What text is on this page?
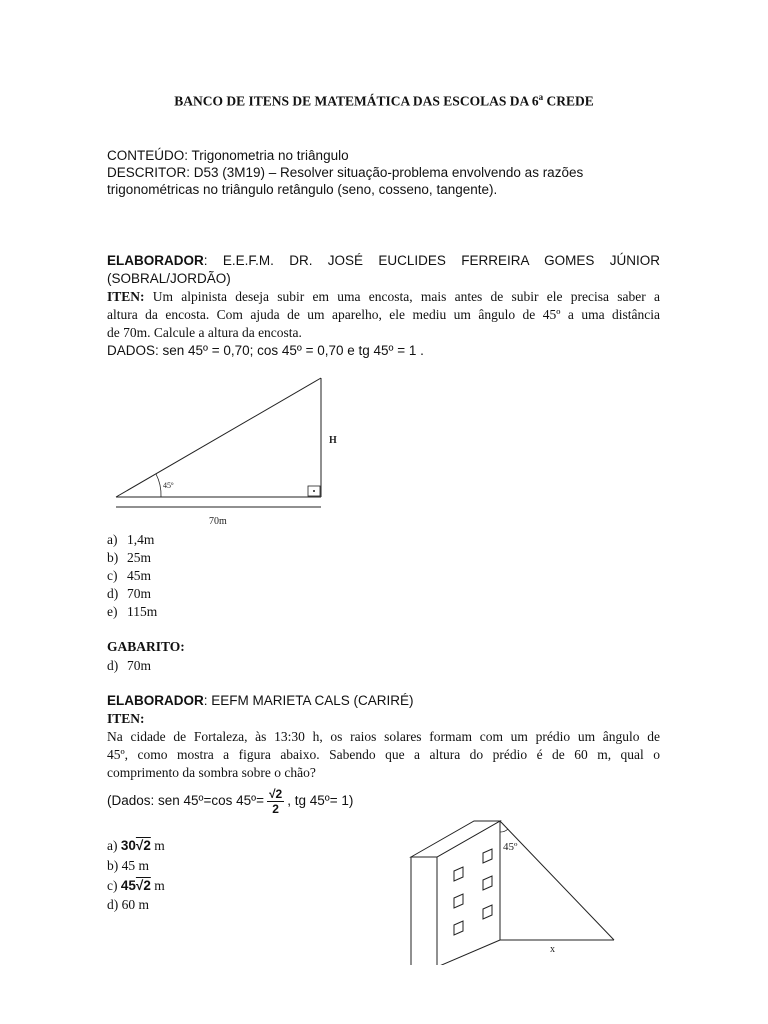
BANCO DE ITENS DE MATEMÁTICA DAS ESCOLAS DA 6$^a$ CREDE
CONTEÚDO: Trigonometria no triângulo
DESCRITOR: D53 (3M19) – Resolver situação-problema envolvendo as razões
trigonométricas no triângulo retângulo (seno, cosseno, tangente).
ELABORADOR: E.E.F.M. DR. JOSÉ EUCLIDES FERREIRA GOMES JÚNIOR
(SOBRAL/JORDÃO)
ITEN: Um alpinista deseja subir em uma encosta, mais antes de subir ele precisa saber a
altura da encosta. Com ajuda de um aparelho, ele mediu um ângulo de 45º a uma distância
de 70m. Calcule a altura da encosta.
DADOS: sen 45º = 0,70; cos 45º = 0,70 e tg 45º = 1 .
45º
H
70m
a) 1,4m
b) 25m
c) 45m
d) 70m
e) 115m
GABARITO:
d) 70m
ELABORADOR: EEFM MARIETA CALS (CARIRÉ)
ITEN:
Na cidade de Fortaleza, às 13:30 h, os raios solares formam com um prédio um ângulo de
45º, como mostra a figura abaixo. Sabendo que a altura do prédio é de 60 m, qual o
comprimento da sombra sobre o chão?
(Dados: sen 45º=cos 45º= $\frac{√2}{2}$ , tg 45º= 1)
a) 30√2 m
b) 45 m
c) 45√2 m
d) 60 m
45º
x
